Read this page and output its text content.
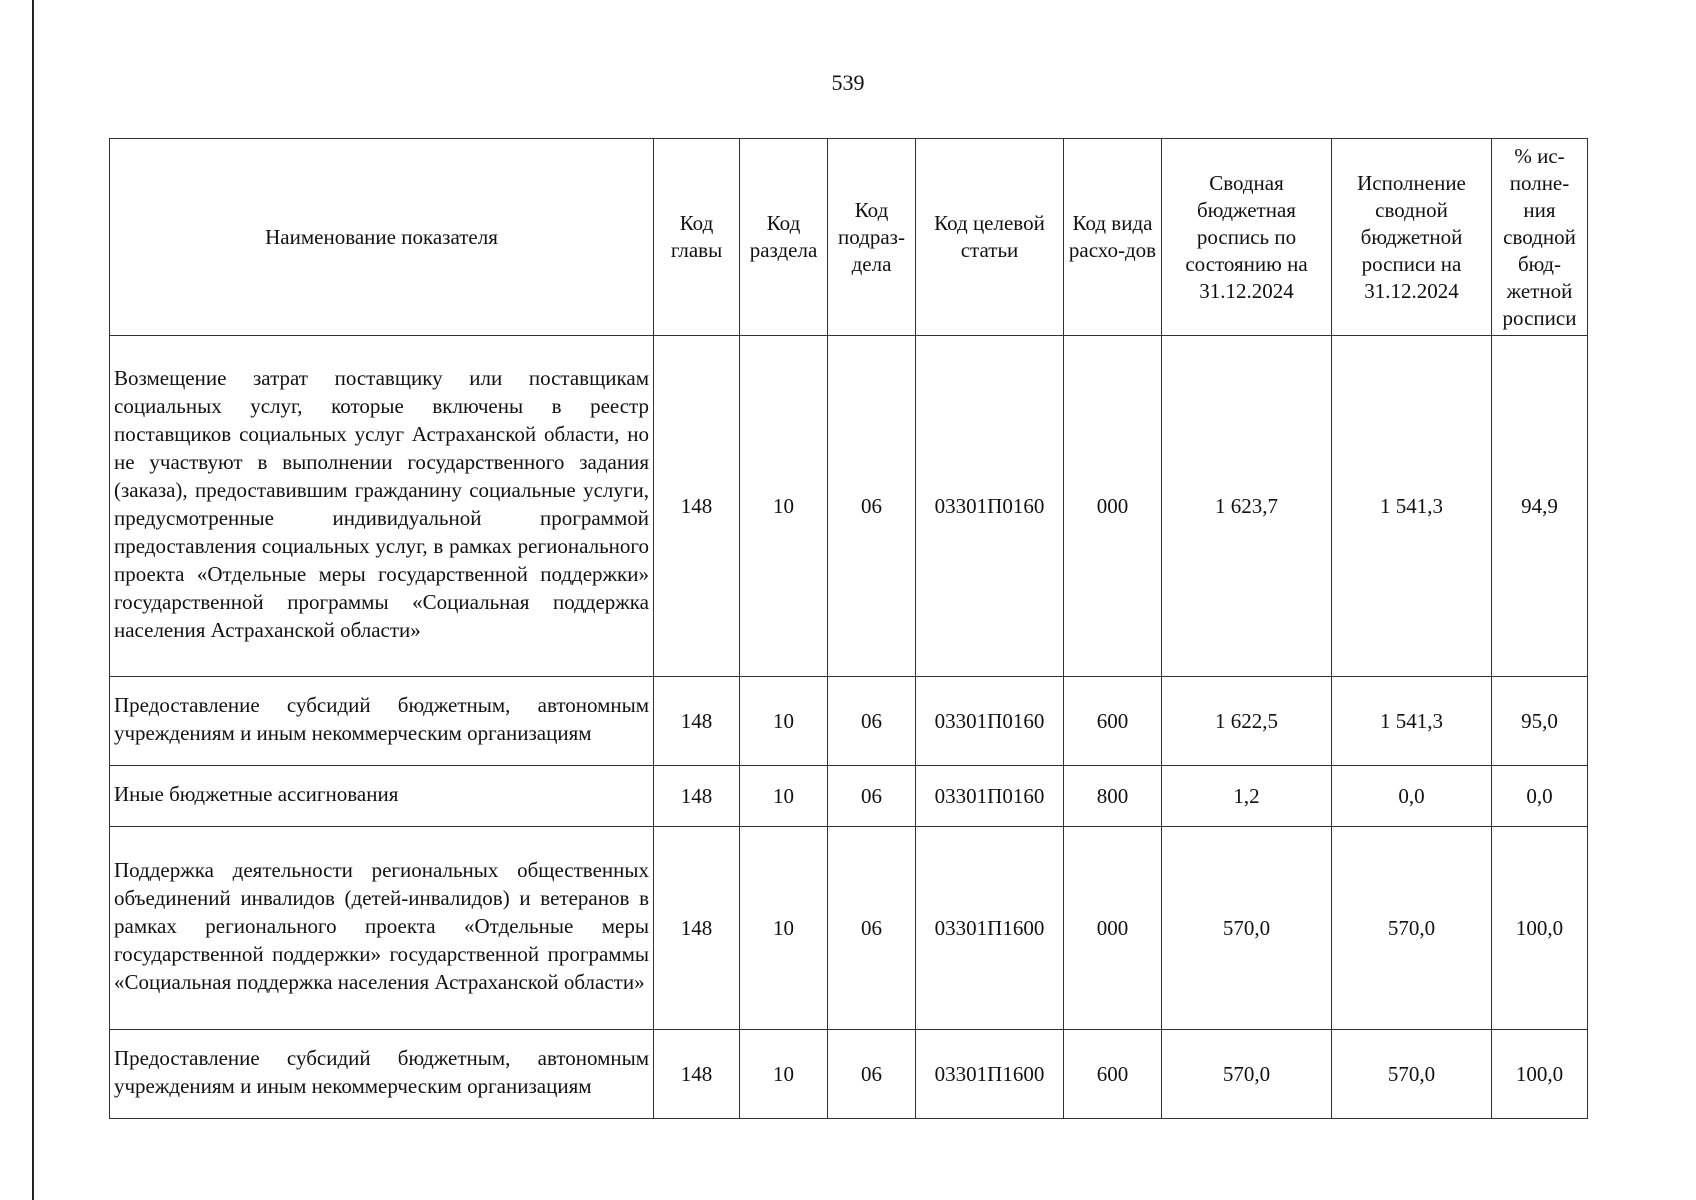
539
Наименование показателя	Код главы	Код раздела	Код подраз-дела	Код целевой статьи	Код вида расхо-дов	Сводная бюджетная роспись по состоянию на 31.12.2024	Исполнение сводной бюджетной росписи на 31.12.2024	% ис-полне-ния сводной бюд-жетной росписи

Возмещение затрат поставщику или поставщикам социальных услуг, которые включены в реестр поставщиков социальных услуг Астраханской области, но не участвуют в выполнении государственного задания (заказа), предоставившим гражданину социальные услуги, предусмотренные индивидуальной программой предоставления социальных услуг, в рамках регионального проекта «Отдельные меры государственной поддержки» государственной программы «Социальная поддержка населения Астраханской области»	148	10	06	03301П0160	000	1 623,7	1 541,3	94,9
Предоставление субсидий бюджетным, автономным учреждениям и иным некоммерческим организациям	148	10	06	03301П0160	600	1 622,5	1 541,3	95,0
Иные бюджетные ассигнования	148	10	06	03301П0160	800	1,2	0,0	0,0
Поддержка деятельности региональных общественных объединений инвалидов (детей-инвалидов) и ветеранов в рамках регионального проекта «Отдельные меры государственной поддержки» государственной программы «Социальная поддержка населения Астраханской области»	148	10	06	03301П1600	000	570,0	570,0	100,0
Предоставление субсидий бюджетным, автономным учреждениям и иным некоммерческим организациям	148	10	06	03301П1600	600	570,0	570,0	100,0
